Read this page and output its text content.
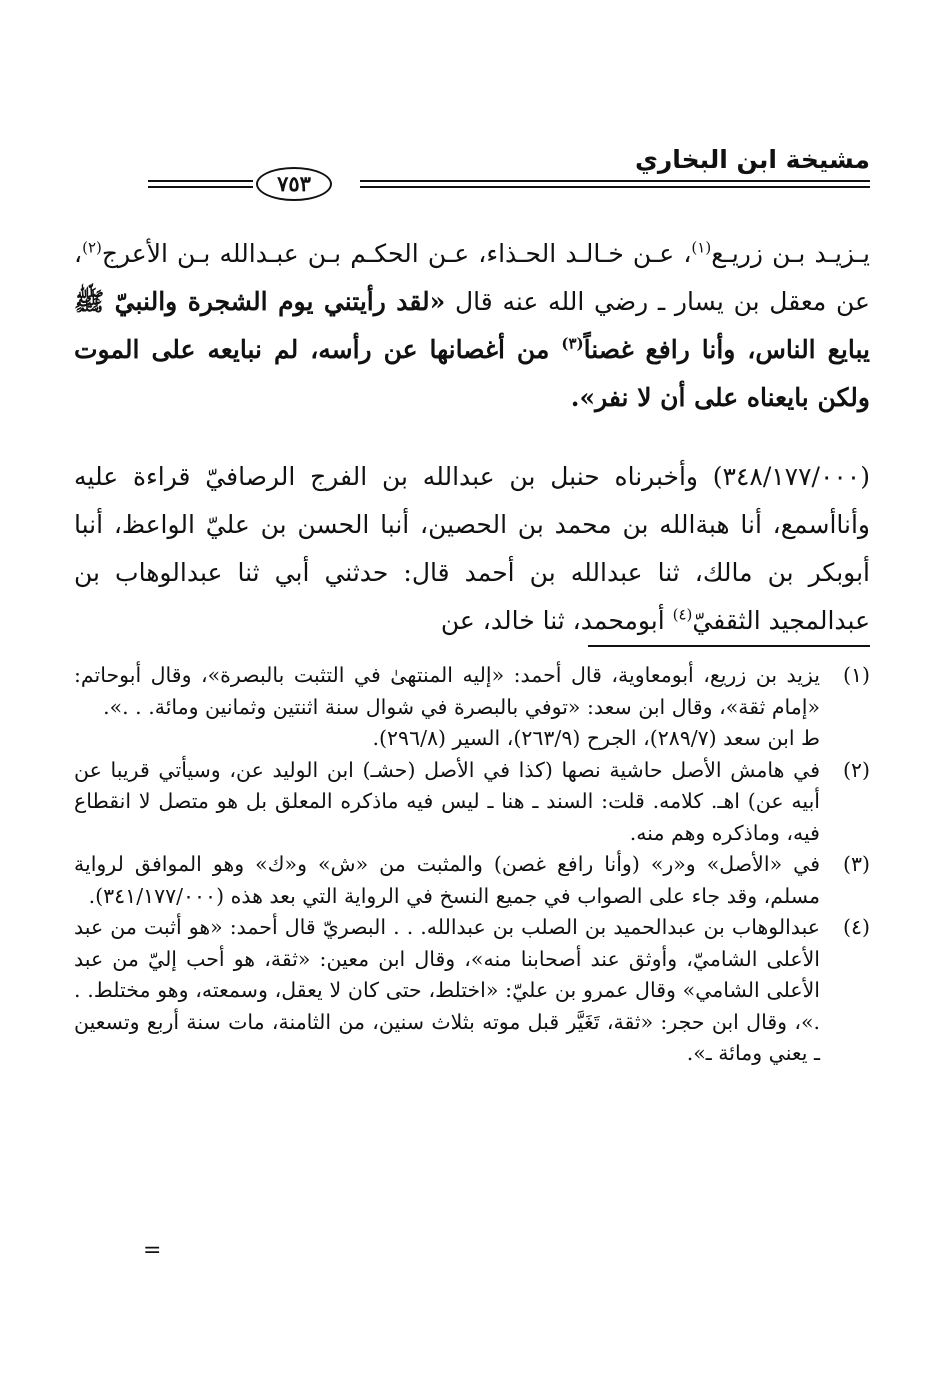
مشيخة ابن البخاري
٧٥٣

يـزيـد بـن زريـع$^{(١)}$، عـن خـالـد الحـذاء، عـن الحكـم بـن عبـدالله بـن الأعرج$^{(٢)}$، عن معقل بن يسار ـ رضي الله عنه قال «لقد رأيتني يوم الشجرة والنبيّ ﷺ يبايع الناس، وأنا رافع غصناً$^{(٣)}$ من أغصانها عن رأسه، لم نبايعه على الموت ولكن بايعناه على أن لا نفر».

(٣٤٨/١٧٧/٠٠٠) وأخبرناه حنبل بن عبدالله بن الفرج الرصافيّ قراءة عليه وأناأسمع، أنا هبةالله بن محمد بن الحصين، أنبا الحسن بن عليّ الواعظ، أنبا أبوبكر بن مالك، ثنا عبدالله بن أحمد قال: حدثني أبي ثنا عبدالوهاب بن عبدالمجيد الثقفيّ$^{(٤)}$ أبومحمد، ثنا خالد، عن

(١)

يزيد بن زريع، أبومعاوية، قال أحمد: «إليه المنتهىٰ في التثبت بالبصرة»، وقال أبوحاتم: «إمام ثقة»، وقال ابن سعد: «توفي بالبصرة في شوال سنة اثنتين وثمانين ومائة. . .».

ط ابن سعد (٢٨٩/٧)، الجرح (٢٦٣/٩)، السير (٢٩٦/٨).

(٢)

في هامش الأصل حاشية نصها (كذا في الأصل (حشـ) ابن الوليد عن، وسيأتي قريبا عن أبيه عن) اهـ. كلامه. قلت: السند ـ هنا ـ ليس فيه ماذكره المعلق بل هو متصل لا انقطاع فيه، وماذكره وهم منه.

(٣)

في «الأصل» و«ر» (وأنا رافع غصن) والمثبت من «ش» و«ك» وهو الموافق لرواية مسلم، وقد جاء على الصواب في جميع النسخ في الرواية التي بعد هذه (٣٤١/١٧٧/٠٠٠).

(٤)

عبدالوهاب بن عبدالحميد بن الصلب بن عبدالله. . . البصريّ قال أحمد: «هو أثبت من عبد الأعلى الشاميّ، وأوثق عند أصحابنا منه»، وقال ابن معين: «ثقة، هو أحب إليّ من عبد الأعلى الشامي» وقال عمرو بن عليّ: «اختلط، حتى كان لا يعقل، وسمعته، وهو مختلط. . .»، وقال ابن حجر: «ثقة، تَغَيَّر قبل موته بثلاث سنين، من الثامنة، مات سنة أربع وتسعين ـ يعني ومائة ـ».

=
